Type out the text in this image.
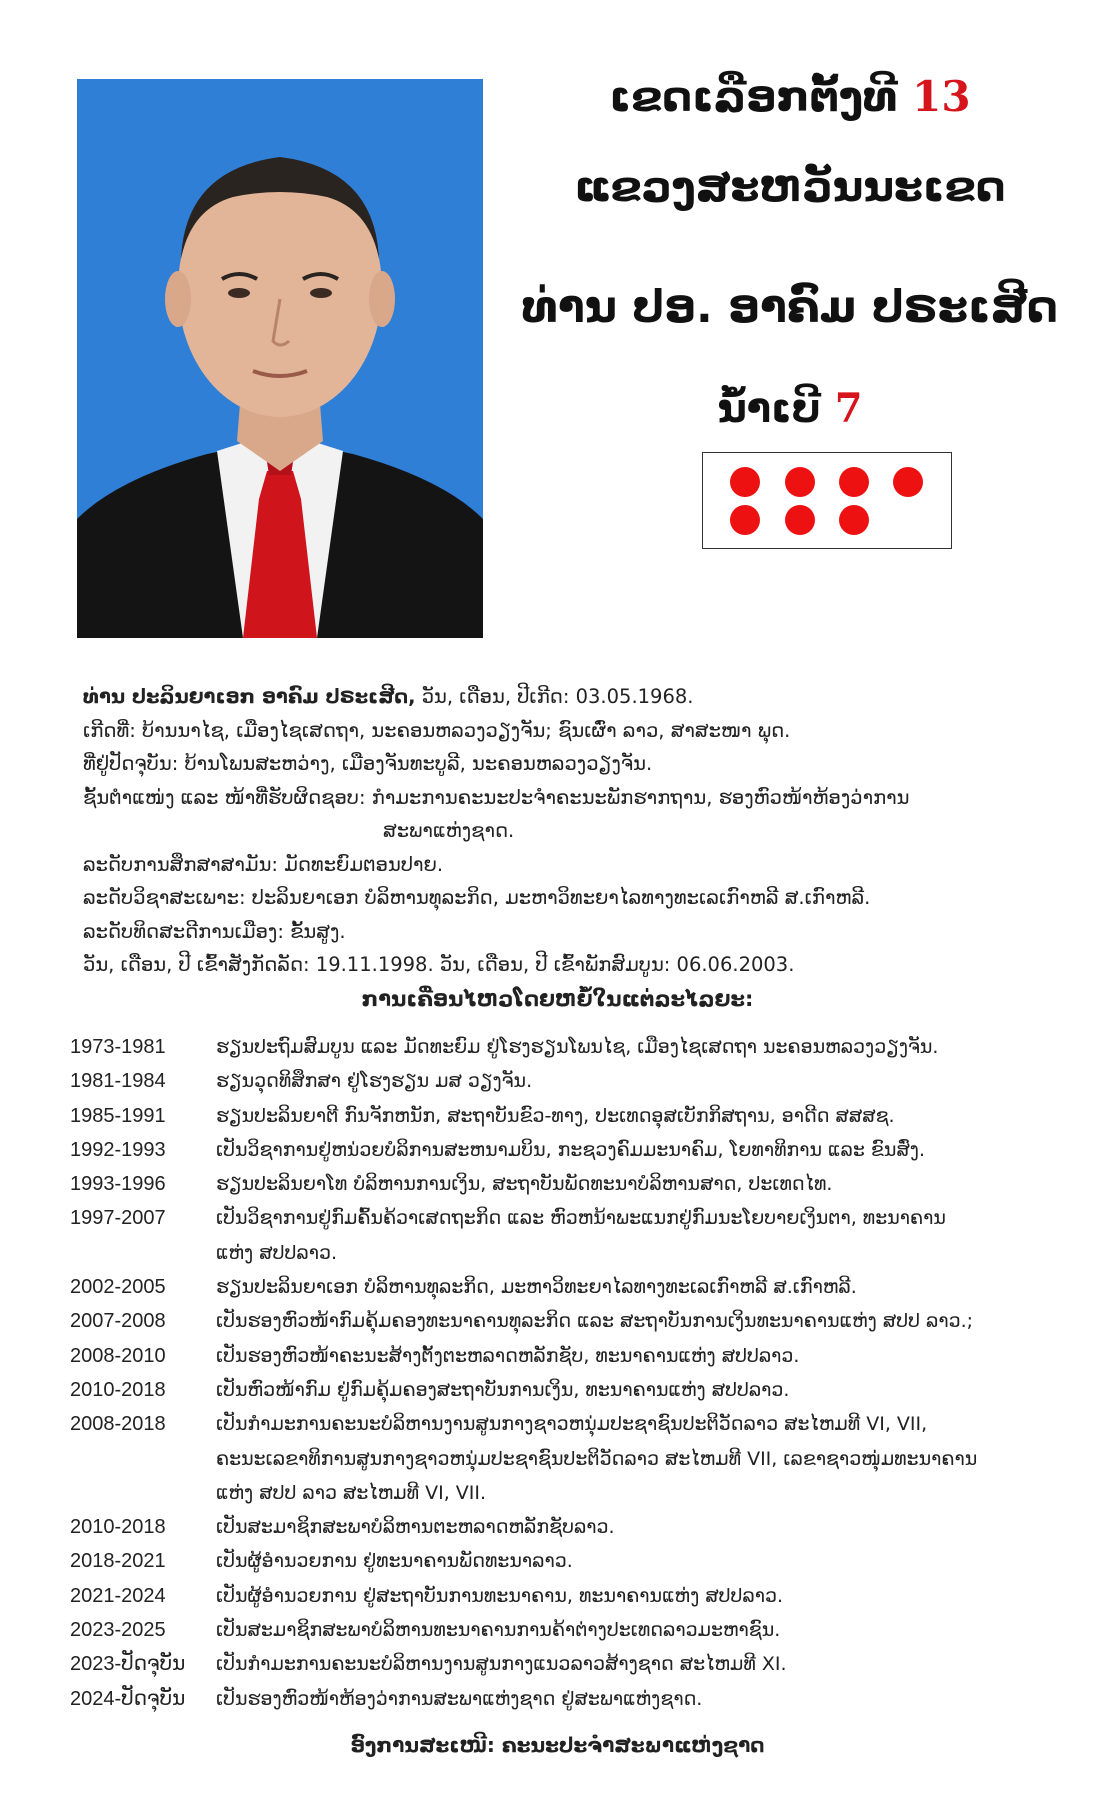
ເຂດເລືອກຕັ້ງທີ 13
ແຂວງສະຫວັນນະເຂດ
ທ່ານ ປອ. ອາຄົມ ປຣະເສີດ
ນໍ້າເບີ 7
ທ່ານ ປະລິນຍາເອກ ອາຄົມ ປຣະເສີດ, ວັນ, ເດືອນ, ປີເກີດ: 03.05.1968.
ເກີດທີ່: ບ້ານນາໄຊ, ເມືອງໄຊເສດຖາ, ນະຄອນຫລວງວຽງຈັນ; ຊົນເຜົ່າ ລາວ, ສາສະໜາ ພຸດ.
ທີ່ຢູ່ປັດຈຸບັນ: ບ້ານໂພນສະຫວ່າງ, ເມືອງຈັນທະບູລີ, ນະຄອນຫລວງວຽງຈັນ.
ຊັ້ນຕໍາແໜ່ງ ແລະ ໜ້າທີ່ຮັບຜິດຊອບ: ກໍາມະການຄະນະປະຈໍາຄະນະພັກຮາກຖານ, ຮອງຫົວໜ້າຫ້ອງວ່າການ
ສະພາແຫ່ງຊາດ.
ລະດັບການສຶກສາສາມັນ: ມັດທະຍົມຕອນປາຍ.
ລະດັບວິຊາສະເພາະ: ປະລິນຍາເອກ ບໍລິຫານທຸລະກິດ, ມະຫາວິທະຍາໄລທາງທະເລເກົາຫລີ ສ.ເກົາຫລີ.
ລະດັບທິດສະດີການເມືອງ: ຂັ້ນສູງ.
ວັນ, ເດືອນ, ປີ ເຂົ້າສັງກັດລັດ: 19.11.1998. ວັນ, ເດືອນ, ປີ ເຂົ້າພັກສົມບູນ: 06.06.2003.
ການເຄື່ອນໄຫວໂດຍຫຍໍ້ໃນແຕ່ລະໄລຍະ:
1973-1981	ຮຽນປະຖົມສົມບູນ ແລະ ມັດທະຍົມ ຢູ່ໂຮງຮຽນໂພນໄຊ, ເມືອງໄຊເສດຖາ ນະຄອນຫລວງວຽງຈັນ.
1981-1984	ຮຽນວຸດທິສຶກສາ ຢູ່ໂຮງຮຽນ ມສ ວຽງຈັນ.
1985-1991	ຮຽນປະລິນຍາຕີ ກົນຈັກຫນັກ, ສະຖາບັນຂົວ-ທາງ, ປະເທດອຸສເບັກກິສຖານ, ອາດີດ ສສສຊ.
1992-1993	ເປັນວິຊາການຢູ່ຫນ່ວຍບໍລິການສະຫນາມບິນ, ກະຊວງຄົມມະນາຄົມ, ໂຍທາທິການ ແລະ ຂົນສົ່ງ.
1993-1996	ຮຽນປະລິນຍາໂທ ບໍລິຫານການເງິນ, ສະຖາບັນພັດທະນາບໍລິຫານສາດ, ປະເທດໄທ.
1997-2007	ເປັນວິຊາການຢູ່ກົມຄົ້ນຄ້ວາເສດຖະກິດ ແລະ ຫົວຫນ້າພະແນກຢູ່ກົມນະໂຍບາຍເງິນຕາ, ທະນາຄານ
ແຫ່ງ ສປປລາວ.
2002-2005	ຮຽນປະລິນຍາເອກ ບໍລິຫານທຸລະກິດ, ມະຫາວິທະຍາໄລທາງທະເລເກົາຫລີ ສ.ເກົາຫລີ.
2007-2008	ເປັນຮອງຫົວໜ້າກົມຄຸ້ມຄອງທະນາຄານທຸລະກິດ ແລະ ສະຖາບັນການເງິນທະນາຄານແຫ່ງ ສປປ ລາວ.;
2008-2010	ເປັນຮອງຫົວໜ້າຄະນະສ້າງຕັ້ງຕະຫລາດຫລັກຊັບ, ທະນາຄານແຫ່ງ ສປປລາວ.
2010-2018	ເປັນຫົວໜ້າກົມ ຢູ່ກົມຄຸ້ມຄອງສະຖາບັນການເງິນ, ທະນາຄານແຫ່ງ ສປປລາວ.
2008-2018	ເປັນກໍາມະການຄະນະບໍລິຫານງານສູນກາງຊາວຫນຸ່ມປະຊາຊົນປະຕິວັດລາວ ສະໄຫມທີ VI, VII,
ຄະນະເລຂາທິການສູນກາງຊາວຫນຸ່ມປະຊາຊົນປະຕິວັດລາວ ສະໄຫມທີ VII, ເລຂາຊາວໜຸ່ມທະນາຄານ
ແຫ່ງ ສປປ ລາວ ສະໄຫມທີ VI, VII.
2010-2018	ເປັນສະມາຊິກສະພາບໍລິຫານຕະຫລາດຫລັກຊັບລາວ.
2018-2021	ເປັນຜູ້ອໍານວຍການ ຢູ່ທະນາຄານພັດທະນາລາວ.
2021-2024	ເປັນຜູ້ອໍານວຍການ ຢູ່ສະຖາບັນການທະນາຄານ, ທະນາຄານແຫ່ງ ສປປລາວ.
2023-2025	ເປັນສະມາຊິກສະພາບໍລິຫານທະນາຄານການຄ້າຕ່າງປະເທດລາວມະຫາຊົນ.
2023-ປັດຈຸບັນ	ເປັນກໍາມະການຄະນະບໍລິຫານງານສູນກາງແນວລາວສ້າງຊາດ ສະໄຫມທີ XI.
2024-ປັດຈຸບັນ	ເປັນຮອງຫົວໜ້າຫ້ອງວ່າການສະພາແຫ່ງຊາດ ຢູ່ສະພາແຫ່ງຊາດ.
ອົງການສະເໜີ: ຄະນະປະຈໍາສະພາແຫ່ງຊາດ
